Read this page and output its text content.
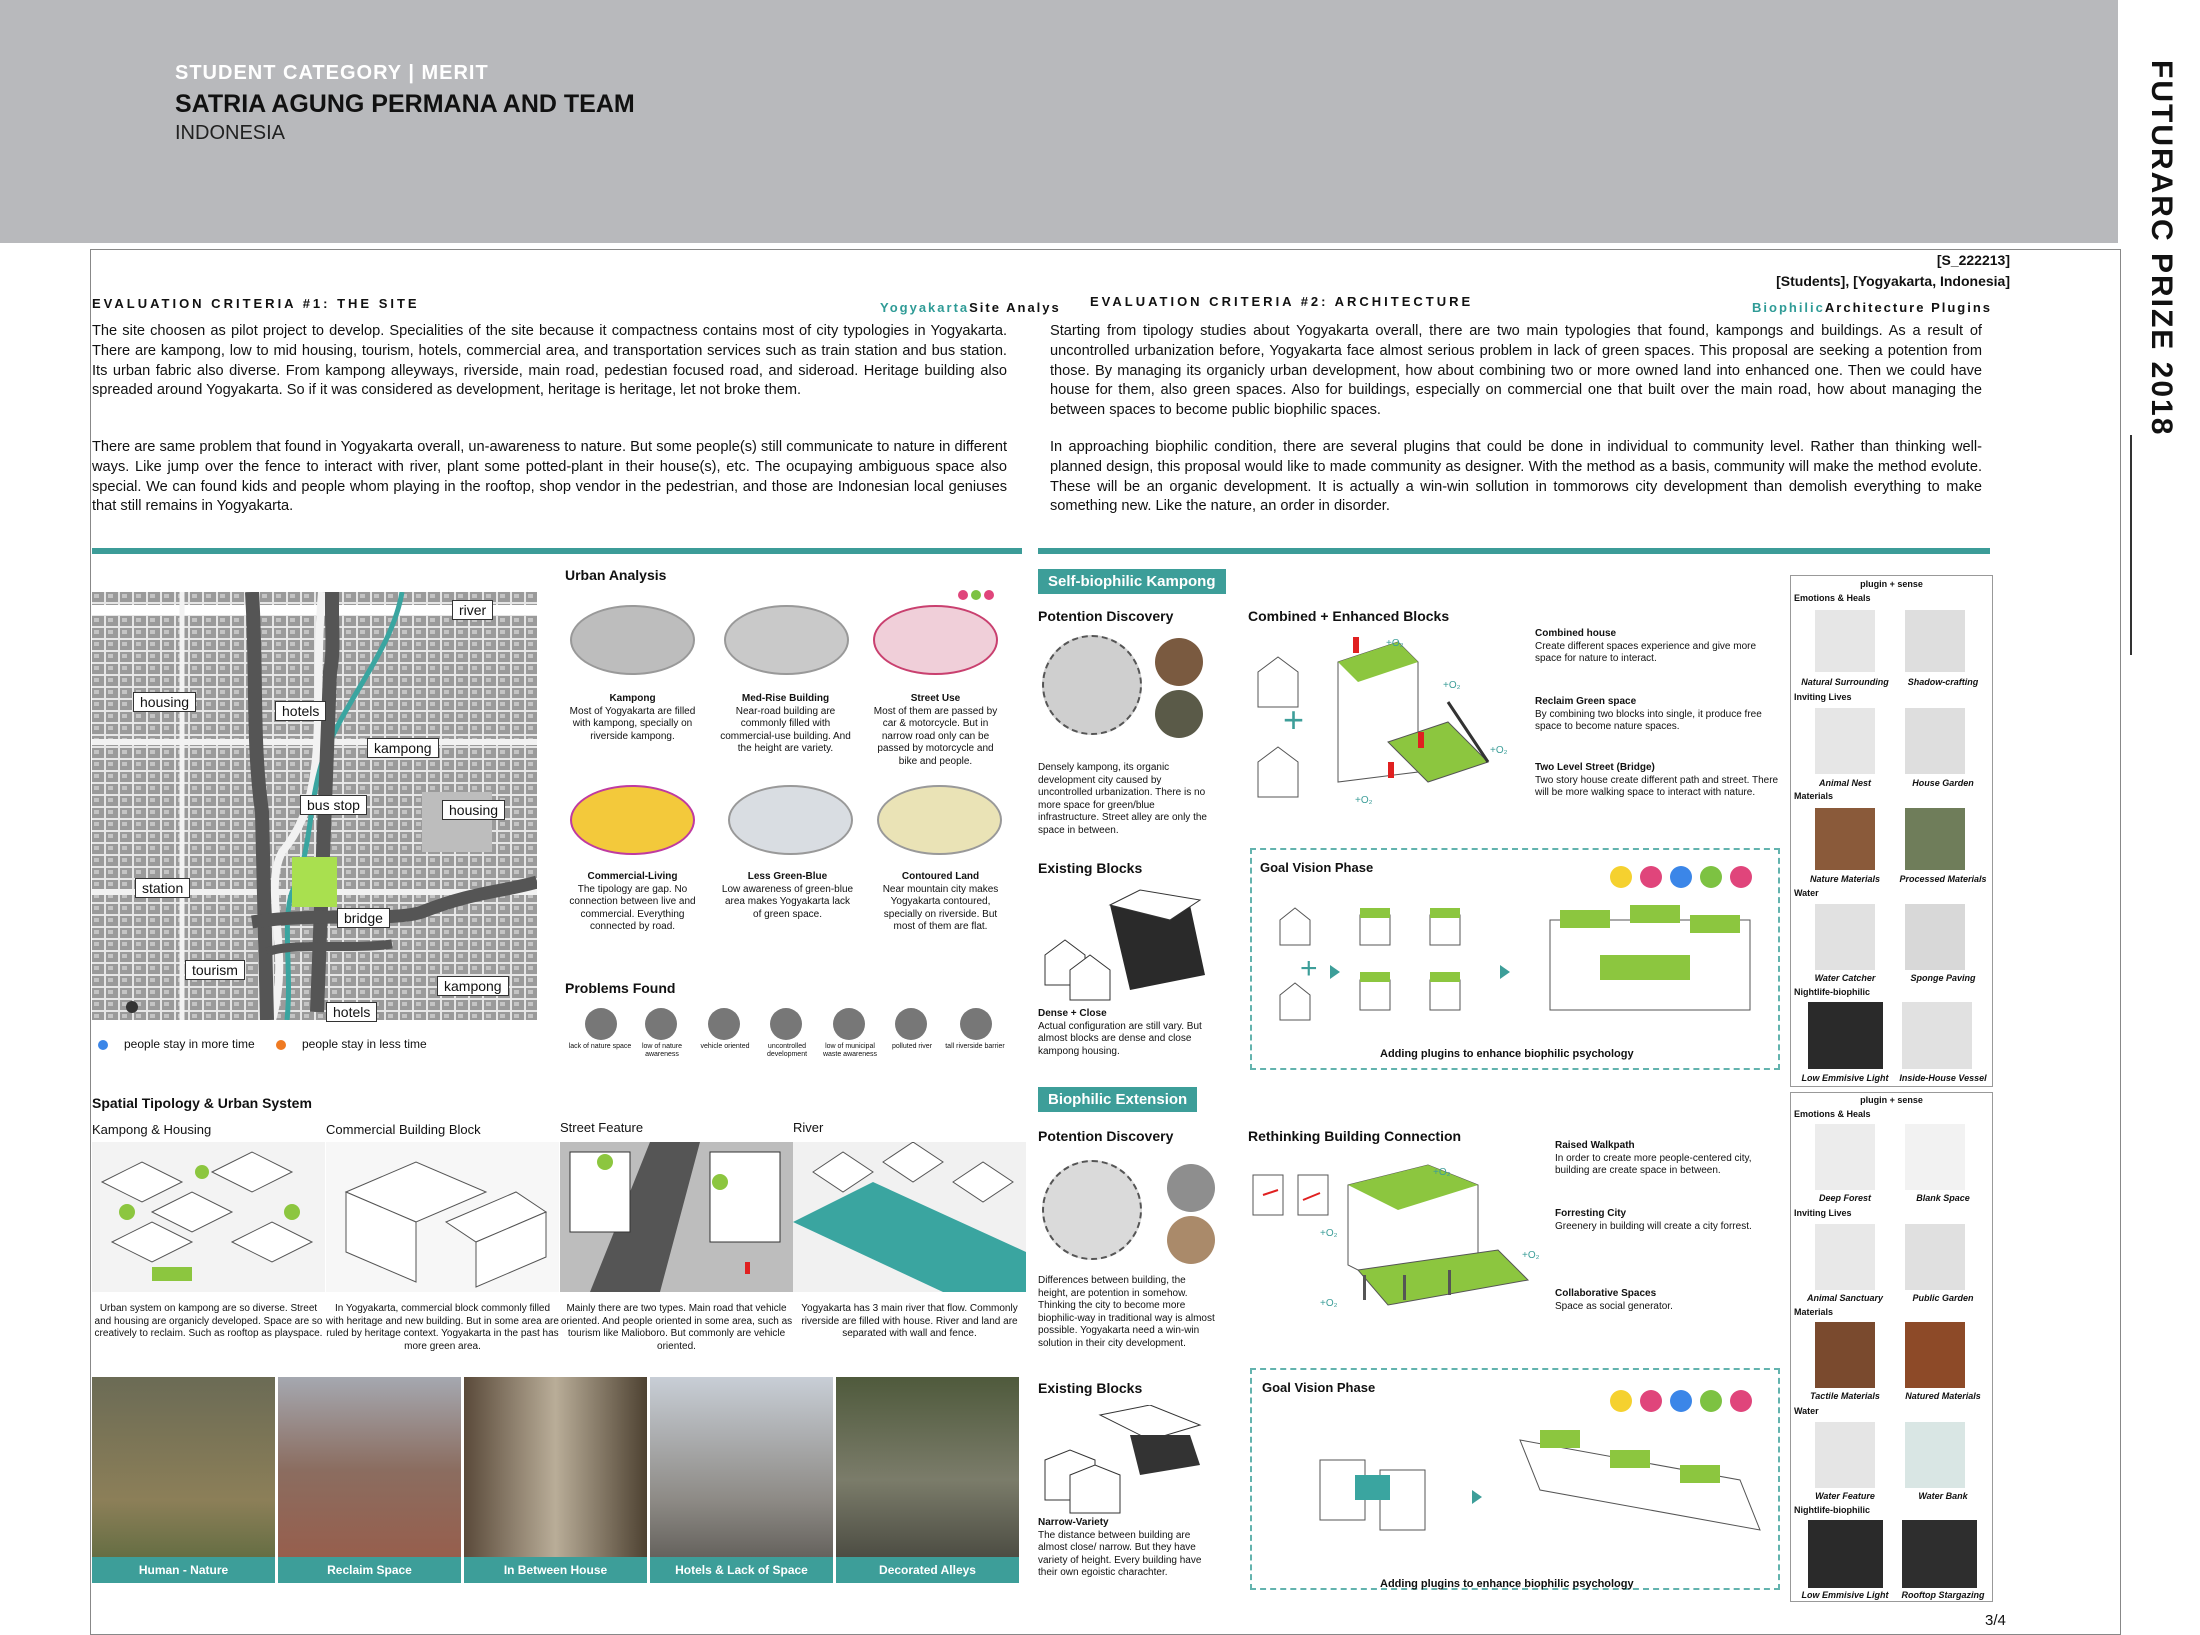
STUDENT CATEGORY | MERIT
SATRIA AGUNG PERMANA AND TEAM
INDONESIA	FUTURARC PRIZE 2018
[S_222213]
[Students], [Yogyakarta, Indonesia]
EVALUATION CRITERIA #1: THE SITE	YogyakartaSite Analys
The site choosen as pilot project to develop. Specialities of the site because it compactness contains most of city typologies in Yogyakarta. There are kampong, low to mid housing, tourism, hotels, commercial area, and transportation services such as train station and bus station. Its urban fabric also diverse. From kampong alleyways, riverside, main road, pedestian focused road, and sideroad. Heritage building also spreaded around Yogyakarta. So if it was considered as development, heritage is heritage, let not broke them.
There are same problem that found in Yogyakarta overall, un-awareness to nature. But some people(s) still communicate to nature in different ways. Like jump over the fence to interact with river, plant some potted-plant in their house(s), etc. The ocupaying ambiguous space also special. We can found kids and people whom playing in the rooftop, shop vendor in the pedestrian, and those are Indonesian local geniuses that still remains in Yogyakarta.
EVALUATION CRITERIA #2: ARCHITECTURE	BiophilicArchitecture Plugins
Starting from tipology studies about Yogyakarta overall, there are two main typologies that found, kampongs and buildings. As a result of uncontrolled urbanization before, Yogyakarta face almost serious problem in lack of green spaces. This proposal are seeking a potention from those. By managing its organicly urban development, how about combining two or more owned land into enhanced one. Then we could have house for them, also green spaces. Also for buildings, especially on commercial one that built over the main road, how about managing the between spaces to become public biophilic spaces.
In approaching biophilic condition, there are several plugins that could be done in individual to community level. Rather than thinking well-planned design, this proposal would like to made community as designer. With the method as a basis, community will make the method evolute. These will be an organic development. It is actually a win-win sollution in tommorows city development than demolish everything to make something new. Like the nature, an order in disorder.
river
housing
hotels
kampong
bus stop	housing
station
bridge
tourism
kampong
hotels
people stay in more time	people stay in less time
Urban Analysis
Kampong
Most of Yogyakarta are filled with kampong, specially on riverside kampong.
Med-Rise Building
Near-road building are commonly filled with commercial-use building. And the height are variety.
Street Use
Most of them are passed by car & motorcycle. But in narrow road only can be passed by motorcycle and bike and people.
Commercial-Living
The tipology are gap. No connection between live and commercial. Everything connected by road.
Less Green-Blue
Low awareness of green-blue area makes Yogyakarta lack of green space.
Contoured Land
Near mountain city makes Yogyakarta contoured, specially on riverside. But most of them are flat.
Problems Found
lack of nature space	low of nature awareness
vehicle oriented	uncontrolled development
low of municipal waste awareness
polluted river	tall riverside barrier
Spatial Tipology & Urban System
Kampong & Housing	Commercial Building Block	Street Feature	River
Urban system on kampong are so diverse. Street and housing are organicly developed. Space are so creatively to reclaim. Such as rooftop as playspace.
In Yogyakarta, commercial block commonly filled with heritage and new building. But in some area are ruled by heritage context. Yogyakarta in the past has more green area.
Mainly there are two types. Main road that vehicle oriented. And people oriented in some area, such as tourism like Malioboro. But commonly are vehicle oriented.
Yogyakarta has 3 main river that flow. Commonly riverside are filled with house. River and land are separated with wall and fence.
Human - Nature	Reclaim Space	In Between House	Hotels & Lack of Space	Decorated Alleys
Self-biophilic Kampong
Potention Discovery
Densely kampong, its organic development city caused by uncontrolled urbanization. There is no more space for green/blue infrastructure. Street alley are only the space in between.
Existing Blocks
Dense + Close
Actual configuration are still vary. But almost blocks are dense and close kampong housing.
Combined + Enhanced Blocks
+
+O₂
+O₂
+O₂
+O₂
Combined house
Create different spaces experience and give more space for nature to interact.
Reclaim Green space
By combining two blocks into single, it produce free space to become nature spaces.
Two Level Street (Bridge)
Two story house create different path and street. There will be more walking space to interact with nature.
Goal Vision Phase
+
Adding plugins to enhance biophilic psychology
Biophilic Extension
Potention Discovery
Differences between building, the height, are potention in somehow. Thinking the city to become more biophilic-way in traditional way is almost possible. Yogyakarta need a win-win solution in their city development.
Existing Blocks
Narrow-Variety
The distance between building are almost close/ narrow. But they have variety of height. Every building have their own egoistic charachter.
Rethinking Building Connection
+O₂
+O₂
+O₂
+O₂
Raised Walkpath
In order to create more people-centered city, building are create space in between.
Forresting City
Greenery in building will create a city forrest.
Collaborative Spaces
Space as social generator.
Goal Vision Phase
Adding plugins to enhance biophilic psychology
plugin + sense
Emotions & Heals
Natural Surrounding	Shadow-crafting
Inviting Lives
Animal Nest	House Garden
Materials
Nature Materials	Processed Materials
Water
Water Catcher	Sponge Paving
Nightlife-biophilic
Low Emmisive Light	Inside-House Vessel
plugin + sense
Emotions & Heals
Deep Forest	Blank Space
Inviting Lives
Animal Sanctuary	Public Garden
Materials
Tactile Materials	Natured Materials
Water
Water Feature	Water Bank
Nightlife-biophilic
Low Emmisive Light	Rooftop Stargazing
3/4
